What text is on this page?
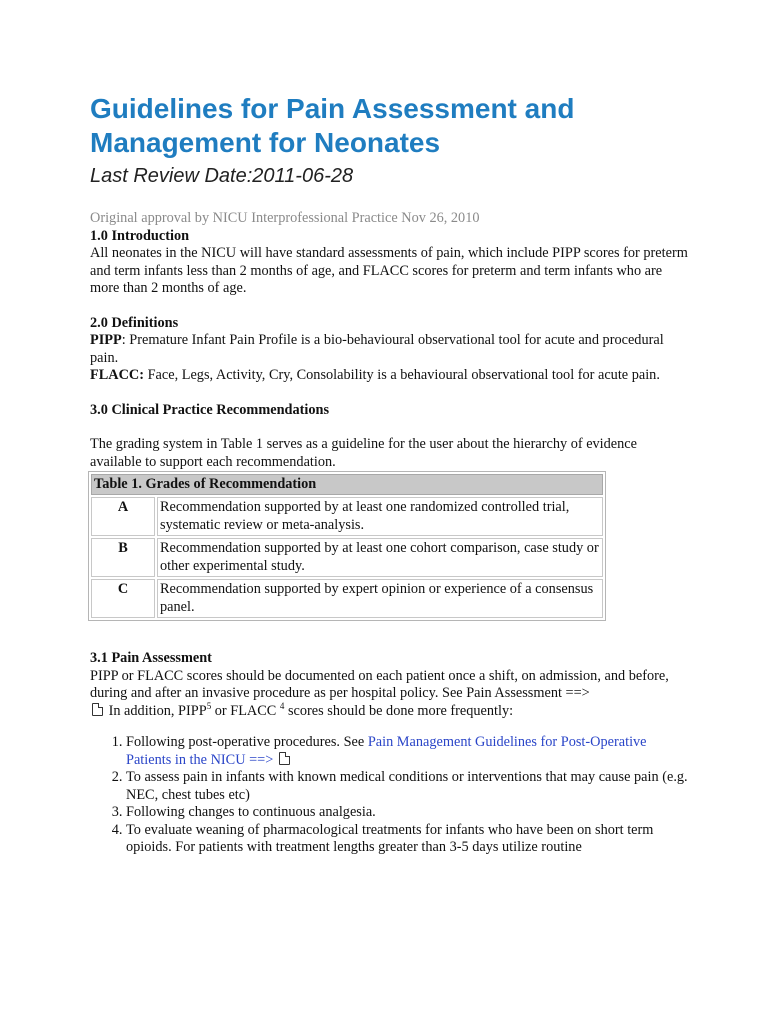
Guidelines for Pain Assessment and Management for Neonates
Last Review Date:2011-06-28

Original approval by NICU Interprofessional Practice Nov 26, 2010

1.0 Introduction

All neonates in the NICU will have standard assessments of pain, which include PIPP scores for preterm and term infants less than 2 months of age, and FLACC scores for preterm and term infants who are more than 2 months of age.

2.0 Definitions

PIPP: Premature Infant Pain Profile is a bio-behavioural observational tool for acute and procedural pain.

FLACC: Face, Legs, Activity, Cry, Consolability is a behavioural observational tool for acute pain.

3.0 Clinical Practice Recommendations

The grading system in Table 1 serves as a guideline for the user about the hierarchy of evidence available to support each recommendation.

Table 1. Grades of Recommendation	
A	Recommendation supported by at least one randomized controlled trial, systematic review or meta-analysis.
B	Recommendation supported by at least one cohort comparison, case study or other experimental study.
C	Recommendation supported by expert opinion or experience of a consensus panel.
3.1 Pain Assessment

PIPP or FLACC scores should be documented on each patient once a shift, on admission, and before, during and after an invasive procedure as per hospital policy. See Pain Assessment ==>
In addition, PIPP$^5$ or FLACC $^4$ scores should be done more frequently:

1. Following post-operative procedures. See Pain Management Guidelines for Post-Operative Patients in the NICU ==>
2. To assess pain in infants with known medical conditions or interventions that may cause pain (e.g. NEC, chest tubes etc)
3. Following changes to continuous analgesia.
4. To evaluate weaning of pharmacological treatments for infants who have been on short term opioids. For patients with treatment lengths greater than 3-5 days utilize routine
